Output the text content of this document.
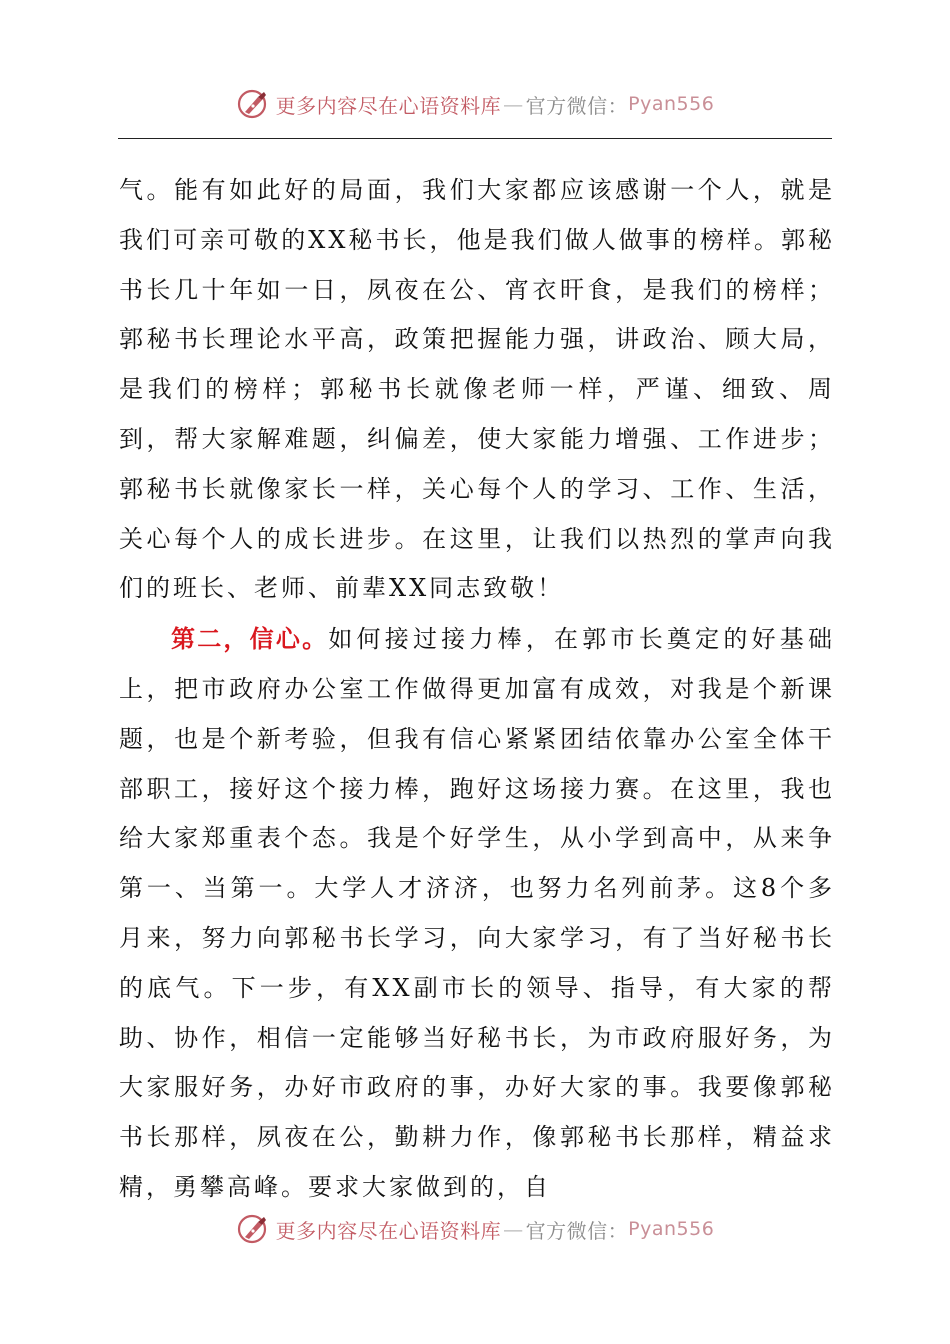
更多内容尽在心语资料库 — 官方微信： Pyan556

气。能有如此好的局面，我们大家都应该感谢一个人，就是我们可亲可敬的XX秘书长，他是我们做人做事的榜样。郭秘书长几十年如一日，夙夜在公、宵衣旰食，是我们的榜样；郭秘书长理论水平高，政策把握能力强，讲政治、顾大局，是我们的榜样；郭秘书长就像老师一样，严谨、细致、周到，帮大家解难题，纠偏差，使大家能力增强、工作进步；郭秘书长就像家长一样，关心每个人的学习、工作、生活，关心每个人的成长进步。在这里，让我们以热烈的掌声向我们的班长、老师、前辈XX同志致敬！

第二，信心。如何接过接力棒，在郭市长奠定的好基础上，把市政府办公室工作做得更加富有成效，对我是个新课题，也是个新考验，但我有信心紧紧团结依靠办公室全体干部职工，接好这个接力棒，跑好这场接力赛。在这里，我也给大家郑重表个态。我是个好学生，从小学到高中，从来争第一、当第一。大学人才济济，也努力名列前茅。这8个多月来，努力向郭秘书长学习，向大家学习，有了当好秘书长的底气。下一步，有XX副市长的领导、指导，有大家的帮助、协作，相信一定能够当好秘书长，为市政府服好务，为大家服好务，办好市政府的事，办好大家的事。我要像郭秘书长那样，夙夜在公，勤耕力作，像郭秘书长那样，精益求精，勇攀高峰。要求大家做到的，自

更多内容尽在心语资料库 — 官方微信： Pyan556
